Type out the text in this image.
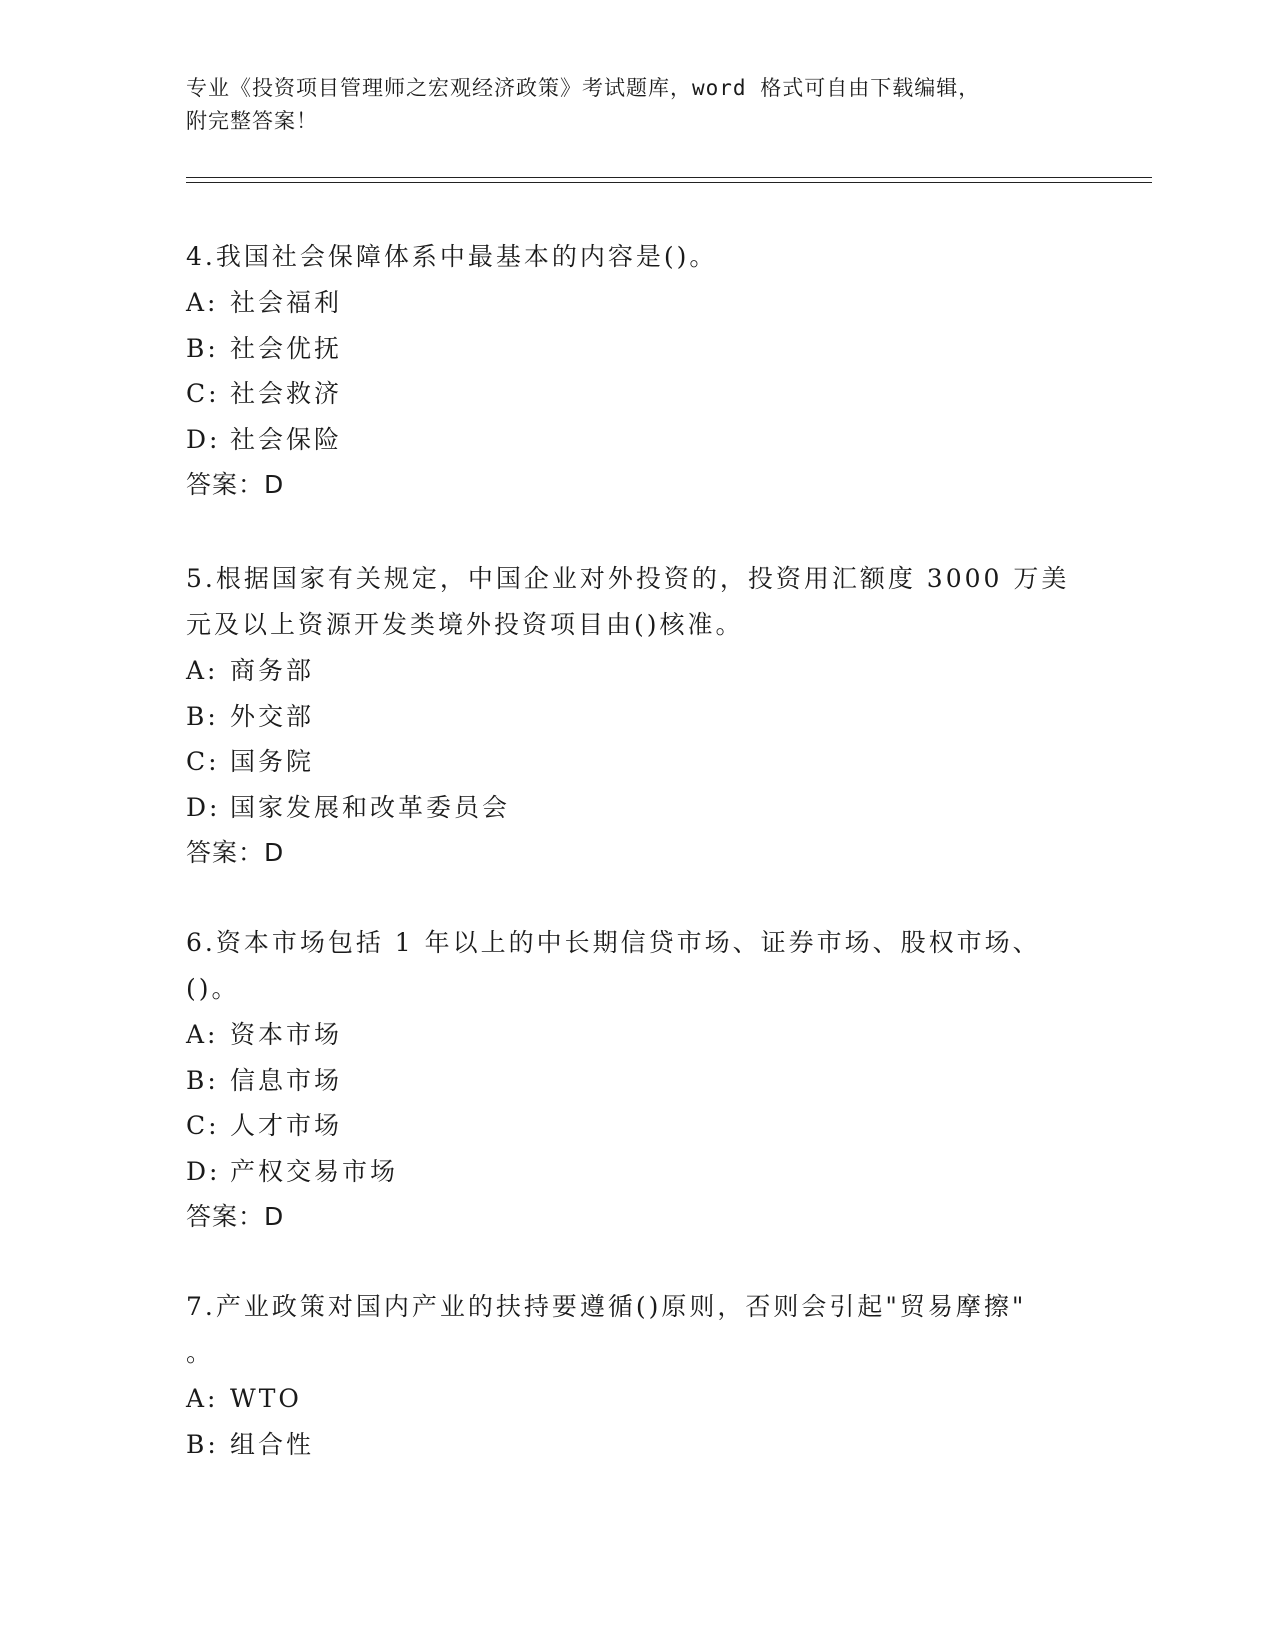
专业《投资项目管理师之宏观经济政策》考试题库，word 格式可自由下载编辑，
附完整答案！
4.我国社会保障体系中最基本的内容是()。
A: 社会福利
B: 社会优抚
C: 社会救济
D: 社会保险
答案：D
5.根据国家有关规定，中国企业对外投资的，投资用汇额度 3000 万美
元及以上资源开发类境外投资项目由()核准。
A: 商务部
B: 外交部
C: 国务院
D: 国家发展和改革委员会
答案：D
6.资本市场包括 1 年以上的中长期信贷市场、证券市场、股权市场、
()。
A: 资本市场
B: 信息市场
C: 人才市场
D: 产权交易市场
答案：D
7.产业政策对国内产业的扶持要遵循()原则，否则会引起"贸易摩擦"
。
A: WTO
B: 组合性
